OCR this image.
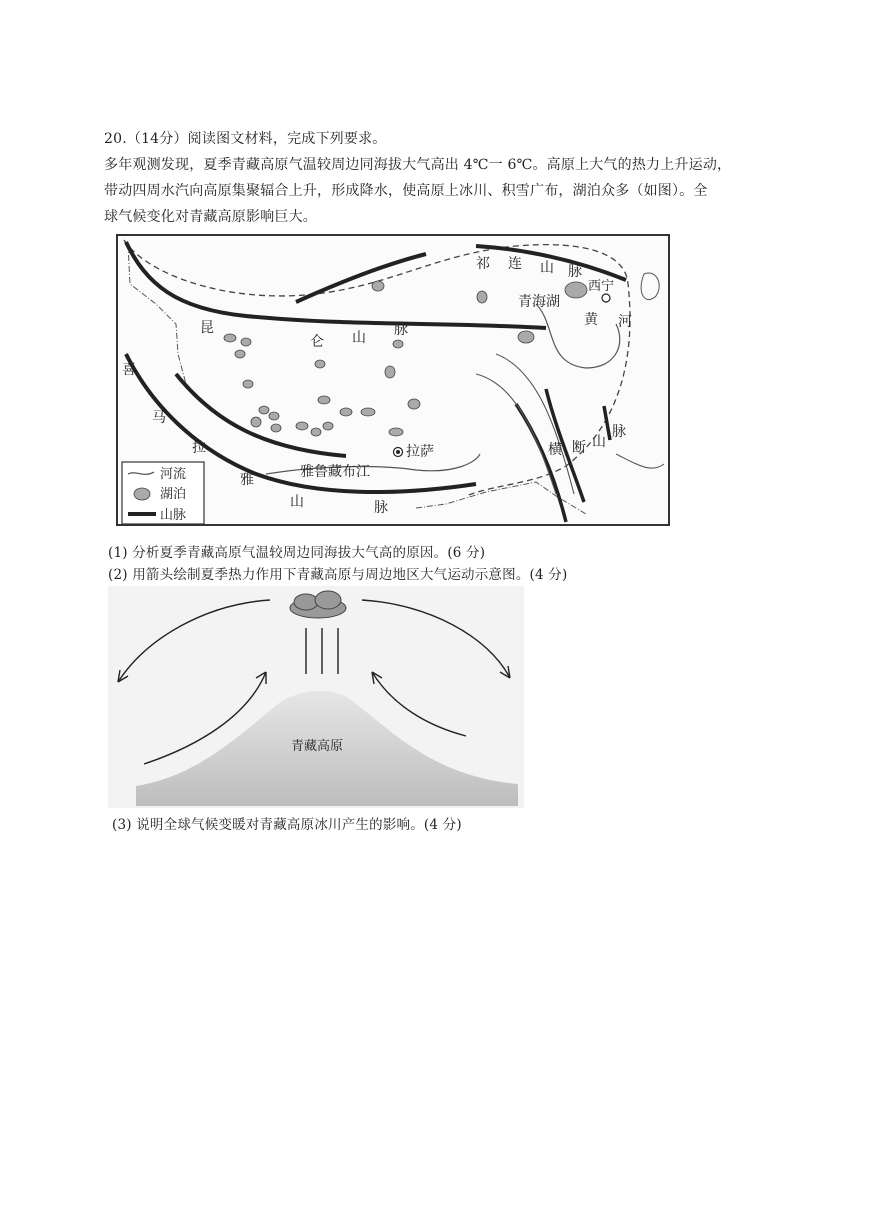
20.（14分）阅读图文材料，完成下列要求。
多年观测发现，夏季青藏高原气温较周边同海拔大气高出 4℃一 6℃。高原上大气的热力上升运动，
带动四周水汽向高原集聚辐合上升，形成降水，使高原上冰川、积雪广布，湖泊众多（如图）。全
球气候变化对青藏高原影响巨大。
祁 连 山 脉
西宁
青海湖
黄 河
昆
仑 山 脉
喜
马
拉
雅
山	脉
拉萨
雅鲁藏布江
横 断 山
脉
河流
湖泊
山脉
(1) 分析夏季青藏高原气温较周边同海拔大气高的原因。(6 分)
(2) 用箭头绘制夏季热力作用下青藏高原与周边地区大气运动示意图。(4 分)
青藏高原
(3) 说明全球气候变暖对青藏高原冰川产生的影响。(4 分)
